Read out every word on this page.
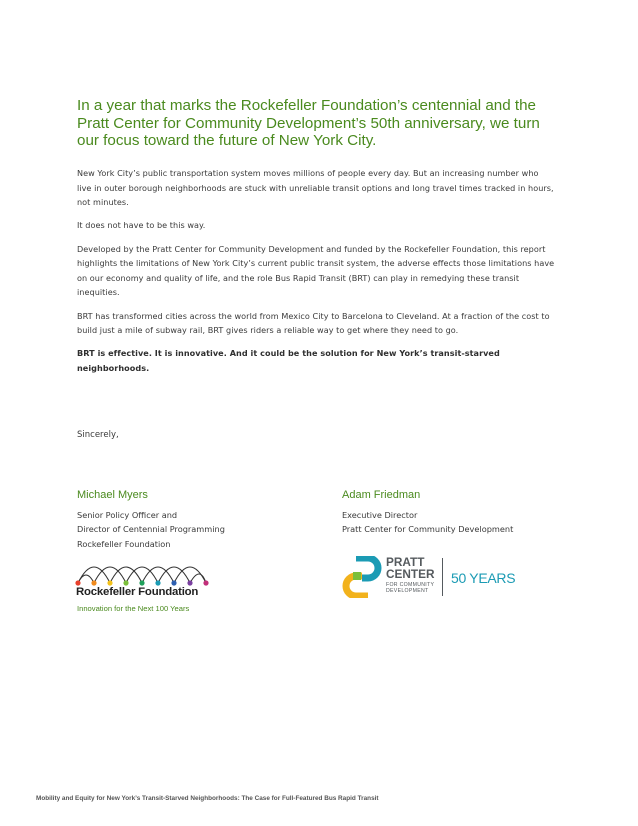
In a year that marks the Rockefeller Foundation’s centennial and the Pratt Center for Community Development’s 50th anniversary, we turn our focus toward the future of New York City.

New York City’s public transportation system moves millions of people every day. But an increasing number who live in outer borough neighborhoods are stuck with unreliable transit options and long travel times tracked in hours, not minutes.

It does not have to be this way.

Developed by the Pratt Center for Community Development and funded by the Rockefeller Foundation, this report highlights the limitations of New York City’s current public transit system, the adverse effects those limitations have on our economy and quality of life, and the role Bus Rapid Transit (BRT) can play in remedying these transit inequities.

BRT has transformed cities across the world from Mexico City to Barcelona to Cleveland. At a fraction of the cost to build just a mile of subway rail, BRT gives riders a reliable way to get where they need to go.

BRT is effective. It is innovative. And it could be the solution for New York’s transit-starved neighborhoods.

Sincerely,
Michael Myers
Senior Policy Officer and
Director of Centennial Programming
Rockefeller Foundation
Adam Friedman
Executive Director
Pratt Center for Community Development
Rockefeller Foundation
Innovation for the Next 100 Years
PRATT
CENTER
FOR COMMUNITY
DEVELOPMENT
50 YEARS
Mobility and Equity for New York’s Transit-Starved Neighborhoods: The Case for Full-Featured Bus Rapid Transit
